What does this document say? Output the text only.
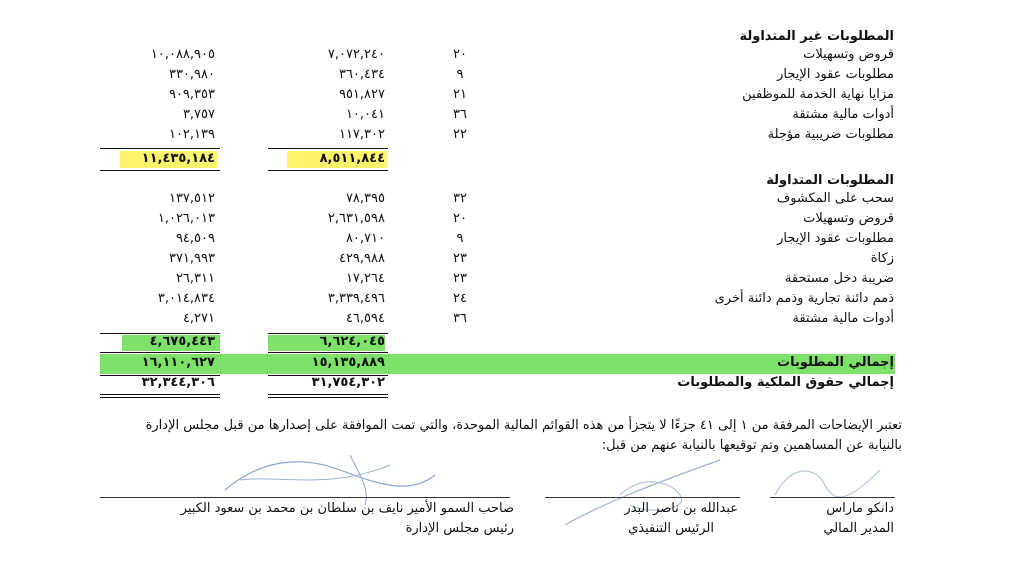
المطلوبات غير المتداولة
قروض وتسهيلات
٢٠
٧,٠٧٢,٢٤٠
١٠,٠٨٨,٩٠٥
مطلوبات عقود الإيجار
٩
٣٦٠,٤٣٤
٣٣٠,٩٨٠
مزايا نهاية الخدمة للموظفين
٢١
٩٥١,٨٢٧
٩٠٩,٣٥٣
أدوات مالية مشتقة
٣٦
١٠,٠٤١
٣,٧٥٧
مطلوبات ضريبية مؤجلة
٢٢
١١٧,٣٠٢
١٠٢,١٣٩
٨,٥١١,٨٤٤
١١,٤٣٥,١٨٤
المطلوبات المتداولة
سحب على المكشوف
٣٢
٧٨,٣٩٥
١٣٧,٥١٢
قروض وتسهيلات
٢٠
٢,٦٣١,٥٩٨
١,٠٢٦,٠١٣
مطلوبات عقود الإيجار
٩
٨٠,٧١٠
٩٤,٥٠٩
زكاة
٢٣
٤٢٩,٩٨٨
٣٧١,٩٩٣
ضريبة دخل مستحقة
٢٣
١٧,٢٦٤
٢٦,٣١١
ذمم دائنة تجارية وذمم دائنة أخرى
٢٤
٣,٣٣٩,٤٩٦
٣,٠١٤,٨٣٤
أدوات مالية مشتقة
٣٦
٤٦,٥٩٤
٤,٢٧١
٦,٦٢٤,٠٤٥
٤,٦٧٥,٤٤٣
إجمالي المطلوبات
١٥,١٣٥,٨٨٩
١٦,١١٠,٦٢٧
إجمالي حقوق الملكية والمطلوبات
٣١,٧٥٤,٣٠٢
٣٢,٣٤٤,٣٠٦
تعتبر الإيضاحات المرفقة من ١ إلى ٤١ جزءًا لا يتجزأ من هذه القوائم المالية الموحدة، والتي تمت الموافقة على إصدارها من قبل مجلس الإدارة
بالنيابة عن المساهمين وتم توقيعها بالنيابة عنهم من قبل:
دانكو ماراس
المدير المالي
عبدالله بن ناصر البدر
الرئيس التنفيذي
صاحب السمو الأمير نايف بن سلطان بن محمد بن سعود الكبير
رئيس مجلس الإدارة
